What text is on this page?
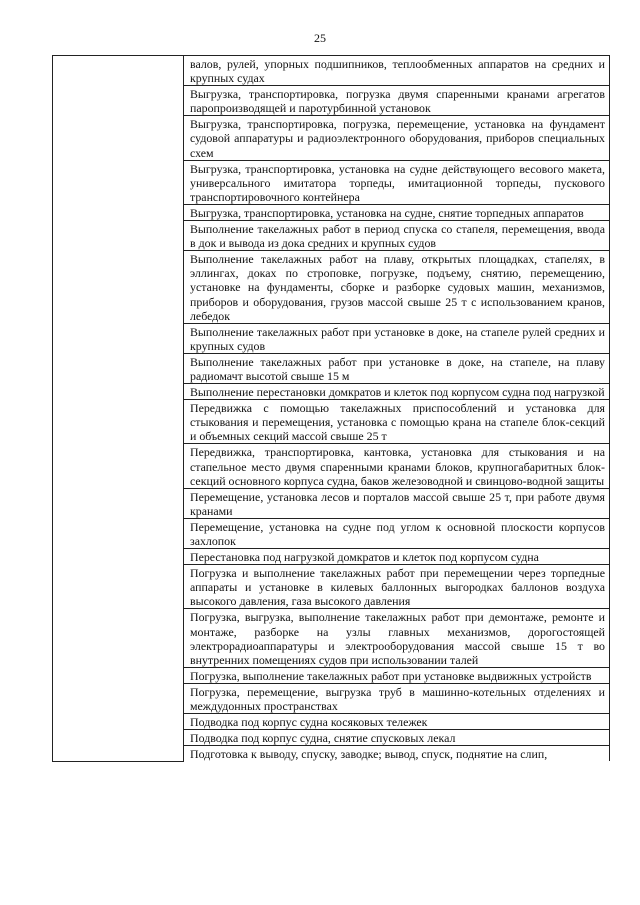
25
	валов, рулей, упорных подшипников, теплообменных аппаратов на средних и крупных судах
Выгрузка, транспортировка, погрузка двумя спаренными кранами агрегатов паропроизводящей и паротурбинной установок
Выгрузка, транспортировка, погрузка, перемещение, установка на фундамент судовой аппаратуры и радиоэлектронного оборудования, приборов специальных схем
Выгрузка, транспортировка, установка на судне действующего весового макета, универсального имитатора торпеды, имитационной торпеды, пускового транспортировочного контейнера
Выгрузка, транспортировка, установка на судне, снятие торпедных аппаратов
Выполнение такелажных работ в период спуска со стапеля, перемещения, ввода в док и вывода из дока средних и крупных судов
Выполнение такелажных работ на плаву, открытых площадках, стапелях, в эллингах, доках по строповке, погрузке, подъему, снятию, перемещению, установке на фундаменты, сборке и разборке судовых машин, механизмов, приборов и оборудования, грузов массой свыше 25 т с использованием кранов, лебедок
Выполнение такелажных работ при установке в доке, на стапеле рулей средних и крупных судов
Выполнение такелажных работ при установке в доке, на стапеле, на плаву радиомачт высотой свыше 15 м
Выполнение перестановки домкратов и клеток под корпусом судна под нагрузкой
Передвижка с помощью такелажных приспособлений и установка для стыкования и перемещения, установка с помощью крана на стапеле блок-секций и объемных секций массой свыше 25 т
Передвижка, транспортировка, кантовка, установка для стыкования и на стапельное место двумя спаренными кранами блоков, крупногабаритных блок-секций основного корпуса судна, баков железоводной и свинцово-водной защиты
Перемещение, установка лесов и порталов массой свыше 25 т, при работе двумя кранами
Перемещение, установка на судне под углом к основной плоскости корпусов захлопок
Перестановка под нагрузкой домкратов и клеток под корпусом судна
Погрузка и выполнение такелажных работ при перемещении через торпедные аппараты и установке в килевых баллонных выгородках баллонов воздуха высокого давления, газа высокого давления
Погрузка, выгрузка, выполнение такелажных работ при демонтаже, ремонте и монтаже, разборке на узлы главных механизмов, дорогостоящей электрорадиоаппаратуры и электрооборудования массой свыше 15 т во внутренних помещениях судов при использовании талей
Погрузка, выполнение такелажных работ при установке выдвижных устройств
Погрузка, перемещение, выгрузка труб в машинно-котельных отделениях и междудонных пространствах
Подводка под корпус судна косяковых тележек
Подводка под корпус судна, снятие спусковых лекал
Подготовка к выводу, спуску, заводке; вывод, спуск, поднятие на слип,
